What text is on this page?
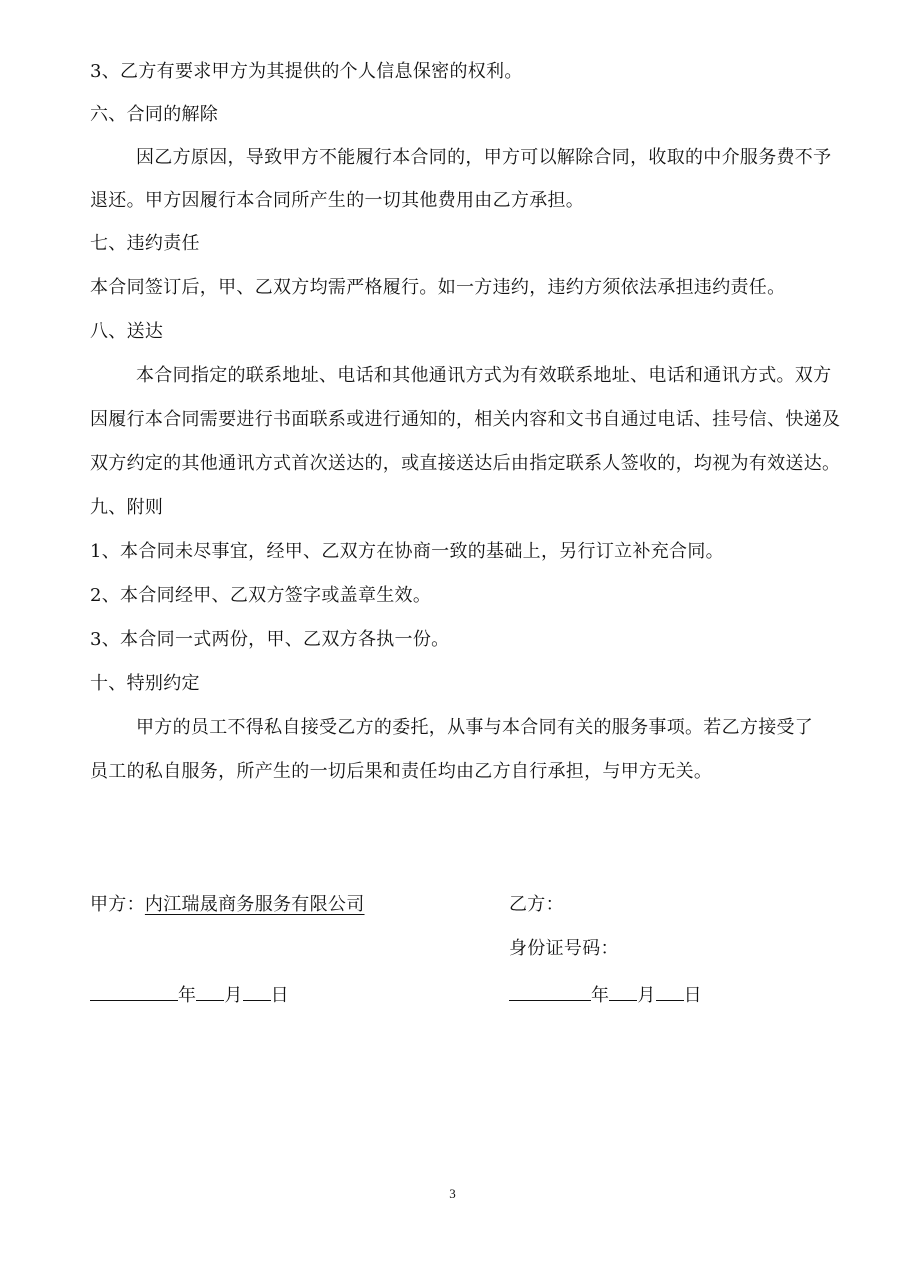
3、乙方有要求甲方为其提供的个人信息保密的权利。
六、合同的解除
因乙方原因，导致甲方不能履行本合同的，甲方可以解除合同，收取的中介服务费不予
退还。甲方因履行本合同所产生的一切其他费用由乙方承担。
七、违约责任
本合同签订后，甲、乙双方均需严格履行。如一方违约，违约方须依法承担违约责任。
八、送达
本合同指定的联系地址、电话和其他通讯方式为有效联系地址、电话和通讯方式。双方
因履行本合同需要进行书面联系或进行通知的，相关内容和文书自通过电话、挂号信、快递及
双方约定的其他通讯方式首次送达的，或直接送达后由指定联系人签收的，均视为有效送达。
九、附则
1、本合同未尽事宜，经甲、乙双方在协商一致的基础上，另行订立补充合同。
2、本合同经甲、乙双方签字或盖章生效。
3、本合同一式两份，甲、乙双方各执一份。
十、特别约定
甲方的员工不得私自接受乙方的委托，从事与本合同有关的服务事项。若乙方接受了
员工的私自服务，所产生的一切后果和责任均由乙方自行承担，与甲方无关。
甲方：内江瑞晟商务服务有限公司	乙方：
身份证号码：
年 月 日	年 月 日
3
